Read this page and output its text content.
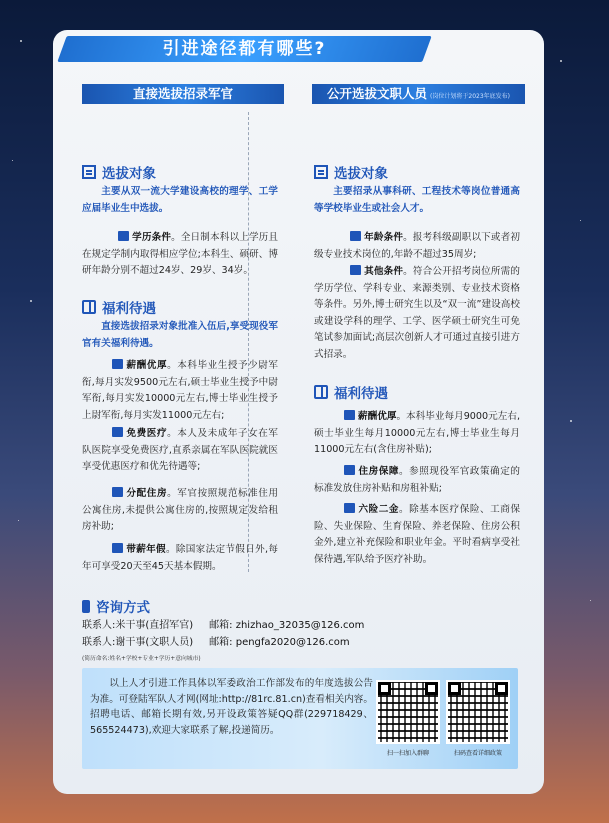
引进途径都有哪些?
直接选拔招录军官	公开选拔文职人员 (岗位计划将于2023年底发布)
选拔对象
主要从双一流大学建设高校的理学、工学应届毕业生中选拔。
学历条件。全日制本科以上学历且在规定学制内取得相应学位;本科生、硕研、博研年龄分别不超过24岁、29岁、34岁。
福利待遇
直接选拔招录对象批准入伍后,享受现役军官有关福利待遇。
薪酬优厚。本科毕业生授予少尉军衔,每月实发9500元左右,硕士毕业生授予中尉军衔,每月实发10000元左右,博士毕业生授予上尉军衔,每月实发11000元左右;
免费医疗。本人及未成年子女在军队医院享受免费医疗,直系亲属在军队医院就医享受优惠医疗和优先待遇等;
分配住房。军官按照规范标准住用公寓住房,未提供公寓住房的,按照规定发给租房补助;
带薪年假。除国家法定节假日外,每年可享受20天至45天基本假期。
选拔对象
主要招录从事科研、工程技术等岗位普通高等学校毕业生或社会人才。
年龄条件。报考科级副职以下或者初级专业技术岗位的,年龄不超过35周岁;
其他条件。符合公开招考岗位所需的学历学位、学科专业、来源类别、专业技术资格等条件。另外,博士研究生以及“双一流”建设高校或建设学科的理学、工学、医学硕士研究生可免笔试参加面试;高层次创新人才可通过直接引进方式招录。
福利待遇
薪酬优厚。本科毕业每月9000元左右,硕士毕业生每月10000元左右,博士毕业生每月11000元左右(含住房补贴);
住房保障。参照现役军官政策确定的标准发放住房补贴和房租补贴;
六险二金。除基本医疗保险、工商保险、失业保险、生育保险、养老保险、住房公积金外,建立补充保险和职业年金。平时看病享受社保待遇,军队给予医疗补助。
咨询方式
联系人:米干事(直招军官) 邮箱: zhizhao_32035@126.com
联系人:谢干事(文职人员) 邮箱: pengfa2020@126.com
(简历命名:姓名+学校+专业+学历+意向城市)
以上人才引进工作具体以军委政治工作部发布的年度选拔公告为准。可登陆军队人才网(网址:http://81rc.81.cn)查看相关内容。招聘电话、邮箱长期有效,另开设政策答疑QQ群(229718429、565524473),欢迎大家联系了解,投递简历。
扫一扫加入群聊	扫码查看详细政策
